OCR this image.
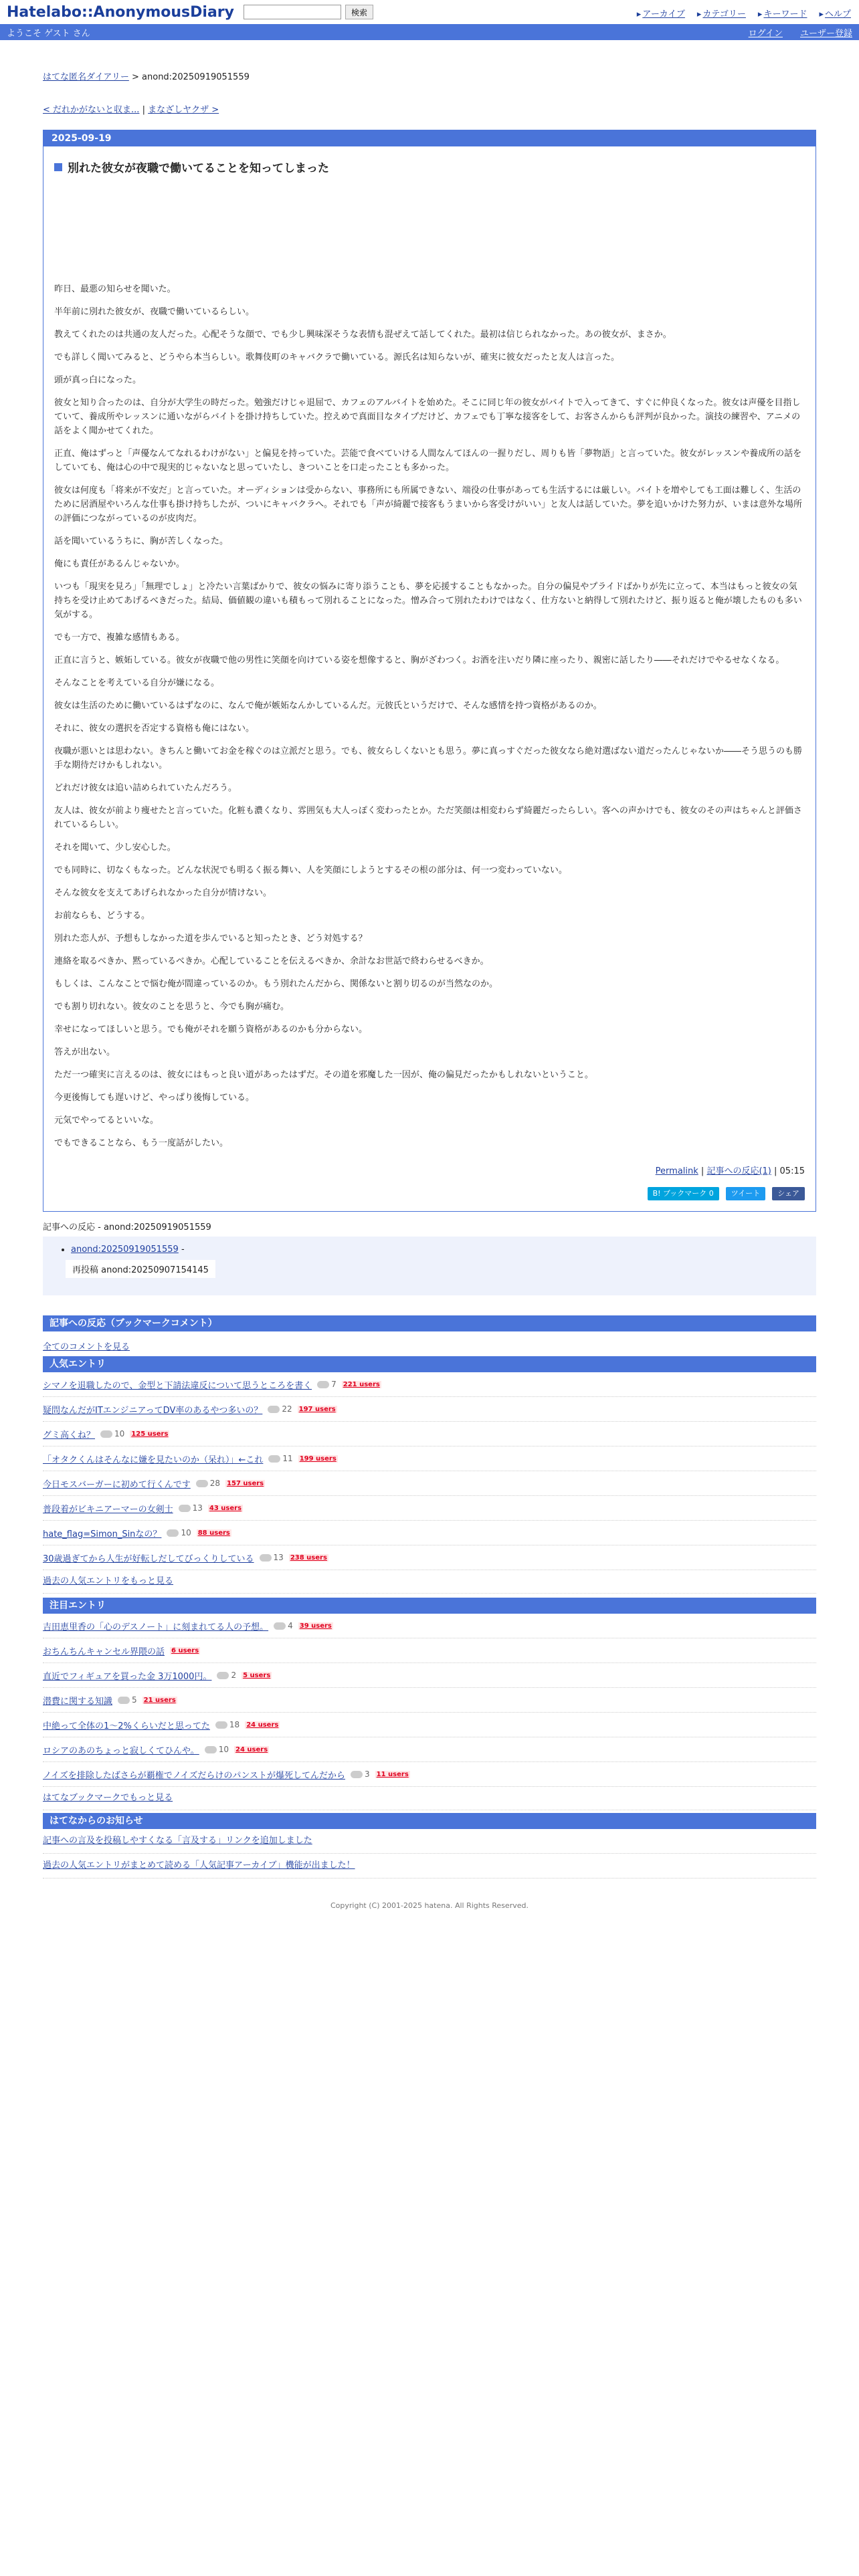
Hatelabo::AnonymousDiary	検索	▸ アーカイブ	▸ カテゴリー	▸ キーワード	▸ ヘルプ
ようこそ ゲスト さん	ログイン ユーザー登録
はてな匿名ダイアリー > anond:20250919051559
< だれかがないと収ま... | まなざしヤクザ >
2025-09-19
別れた彼女が夜職で働いてることを知ってしまった

昨日、最悪の知らせを聞いた。

半年前に別れた彼女が、夜職で働いているらしい。

教えてくれたのは共通の友人だった。心配そうな顔で、でも少し興味深そうな表情も混ぜえて話してくれた。最初は信じられなかった。あの彼女が、まさか。

でも詳しく聞いてみると、どうやら本当らしい。歌舞伎町のキャバクラで働いている。源氏名は知らないが、確実に彼女だったと友人は言った。

頭が真っ白になった。

彼女と知り合ったのは、自分が大学生の時だった。勉強だけじゃ退屈で、カフェのアルバイトを始めた。そこに同じ年の彼女がバイトで入ってきて、すぐに仲良くなった。彼女は声優を目指していて、養成所やレッスンに通いながらバイトを掛け持ちしていた。控えめで真面目なタイプだけど、カフェでも丁寧な接客をして、お客さんからも評判が良かった。演技の練習や、アニメの話をよく聞かせてくれた。

正直、俺はずっと「声優なんてなれるわけがない」と偏見を持っていた。芸能で食べていける人間なんてほんの一握りだし、周りも皆「夢物語」と言っていた。彼女がレッスンや養成所の話をしていても、俺は心の中で現実的じゃないなと思っていたし、きついことを口走ったことも多かった。

彼女は何度も「将来が不安だ」と言っていた。オーディションは受からない、事務所にも所属できない、端役の仕事があっても生活するには厳しい。バイトを増やしても工面は難しく、生活のために居酒屋やいろんな仕事も掛け持ちしたが、ついにキャバクラへ。それでも「声が綺麗で接客もうまいから客受けがいい」と友人は話していた。夢を追いかけた努力が、いまは意外な場所の評価につながっているのが皮肉だ。

話を聞いているうちに、胸が苦しくなった。

俺にも責任があるんじゃないか。

いつも「現実を見ろ」「無理でしょ」と冷たい言葉ばかりで、彼女の悩みに寄り添うことも、夢を応援することもなかった。自分の偏見やプライドばかりが先に立って、本当はもっと彼女の気持ちを受け止めてあげるべきだった。結局、価値観の違いも積もって別れることになった。憎み合って別れたわけではなく、仕方ないと納得して別れたけど、振り返ると俺が壊したものも多い気がする。

でも一方で、複雑な感情もある。

正直に言うと、嫉妬している。彼女が夜職で他の男性に笑顔を向けている姿を想像すると、胸がざわつく。お酒を注いだり隣に座ったり、親密に話したり――それだけでやるせなくなる。

そんなことを考えている自分が嫌になる。

彼女は生活のために働いているはずなのに、なんで俺が嫉妬なんかしているんだ。元彼氏というだけで、そんな感情を持つ資格があるのか。

それに、彼女の選択を否定する資格も俺にはない。

夜職が悪いとは思わない。きちんと働いてお金を稼ぐのは立派だと思う。でも、彼女らしくないとも思う。夢に真っすぐだった彼女なら絶対選ばない道だったんじゃないか――そう思うのも勝手な期待だけかもしれない。

どれだけ彼女は追い詰められていたんだろう。

友人は、彼女が前より痩せたと言っていた。化粧も濃くなり、雰囲気も大人っぽく変わったとか。ただ笑顔は相変わらず綺麗だったらしい。客への声かけでも、彼女のその声はちゃんと評価されているらしい。

それを聞いて、少し安心した。

でも同時に、切なくもなった。どんな状況でも明るく振る舞い、人を笑顔にしようとするその根の部分は、何一つ変わっていない。

そんな彼女を支えてあげられなかった自分が情けない。

お前ならも、どうする。

別れた恋人が、予想もしなかった道を歩んでいると知ったとき、どう対処する？

連絡を取るべきか、黙っているべきか。心配していることを伝えるべきか、余計なお世話で終わらせるべきか。

もしくは、こんなことで悩む俺が間違っているのか。もう別れたんだから、関係ないと割り切るのが当然なのか。

でも割り切れない。彼女のことを思うと、今でも胸が痛む。

幸せになってほしいと思う。でも俺がそれを願う資格があるのかも分からない。

答えが出ない。

ただ一つ確実に言えるのは、彼女にはもっと良い道があったはずだ。その道を邪魔した一因が、俺の偏見だったかもしれないということ。

今更後悔しても遅いけど、やっぱり後悔している。

元気でやってるといいな。

でもできることなら、もう一度話がしたい。

Permalink | 記事への反応(1) | 05:15
B! ブックマーク 0	ツイート	シェア
記事への反応 - anond:20250919051559
• anond:20250919051559 -
再投稿 anond:20250907154145
記事への反応（ブックマークコメント）
全てのコメントを見る
人気エントリ
シマノを退職したので、金型と下請法違反について思うところを書く 7 221 users
疑問なんだがITエンジニアってDV率のあるやつ多いの？ 22 197 users
グミ高くね？ 10 125 users
「オタクくんはそんなに嫌を見たいのか（呆れ）」←これ 11 199 users
今日モスバーガーに初めて行くんです 28 157 users
普段着がビキニアーマーの女剣士 13 43 users
hate_flag=Simon_Sinなの？ 10 88 users
30歳過ぎてから人生が好転しだしてびっくりしている 13 238 users
過去の人気エントリをもっと見る
注目エントリ
吉田恵里香の「心のデスノート」に刻まれてる人の予想。 4 39 users
おちんちんキャンセル界隈の話 6 users
直近でフィギュアを買った金 3万1000円。 2 5 users
潜費に関する知識 5 21 users
中絶って全体の1〜2%くらいだと思ってた 18 24 users
ロシアのあのちょっと寂しくてひんや。 10 24 users
ノイズを排除したばさらが覇権でノイズだらけのパンストが爆死してんだから 3 11 users
はてなブックマークでもっと見る
はてなからのお知らせ
記事への言及を投稿しやすくなる「言及する」リンクを追加しました
過去の人気エントリがまとめて読める「人気記事アーカイブ」機能が出ました！
Copyright (C) 2001-2025 hatena. All Rights Reserved.
